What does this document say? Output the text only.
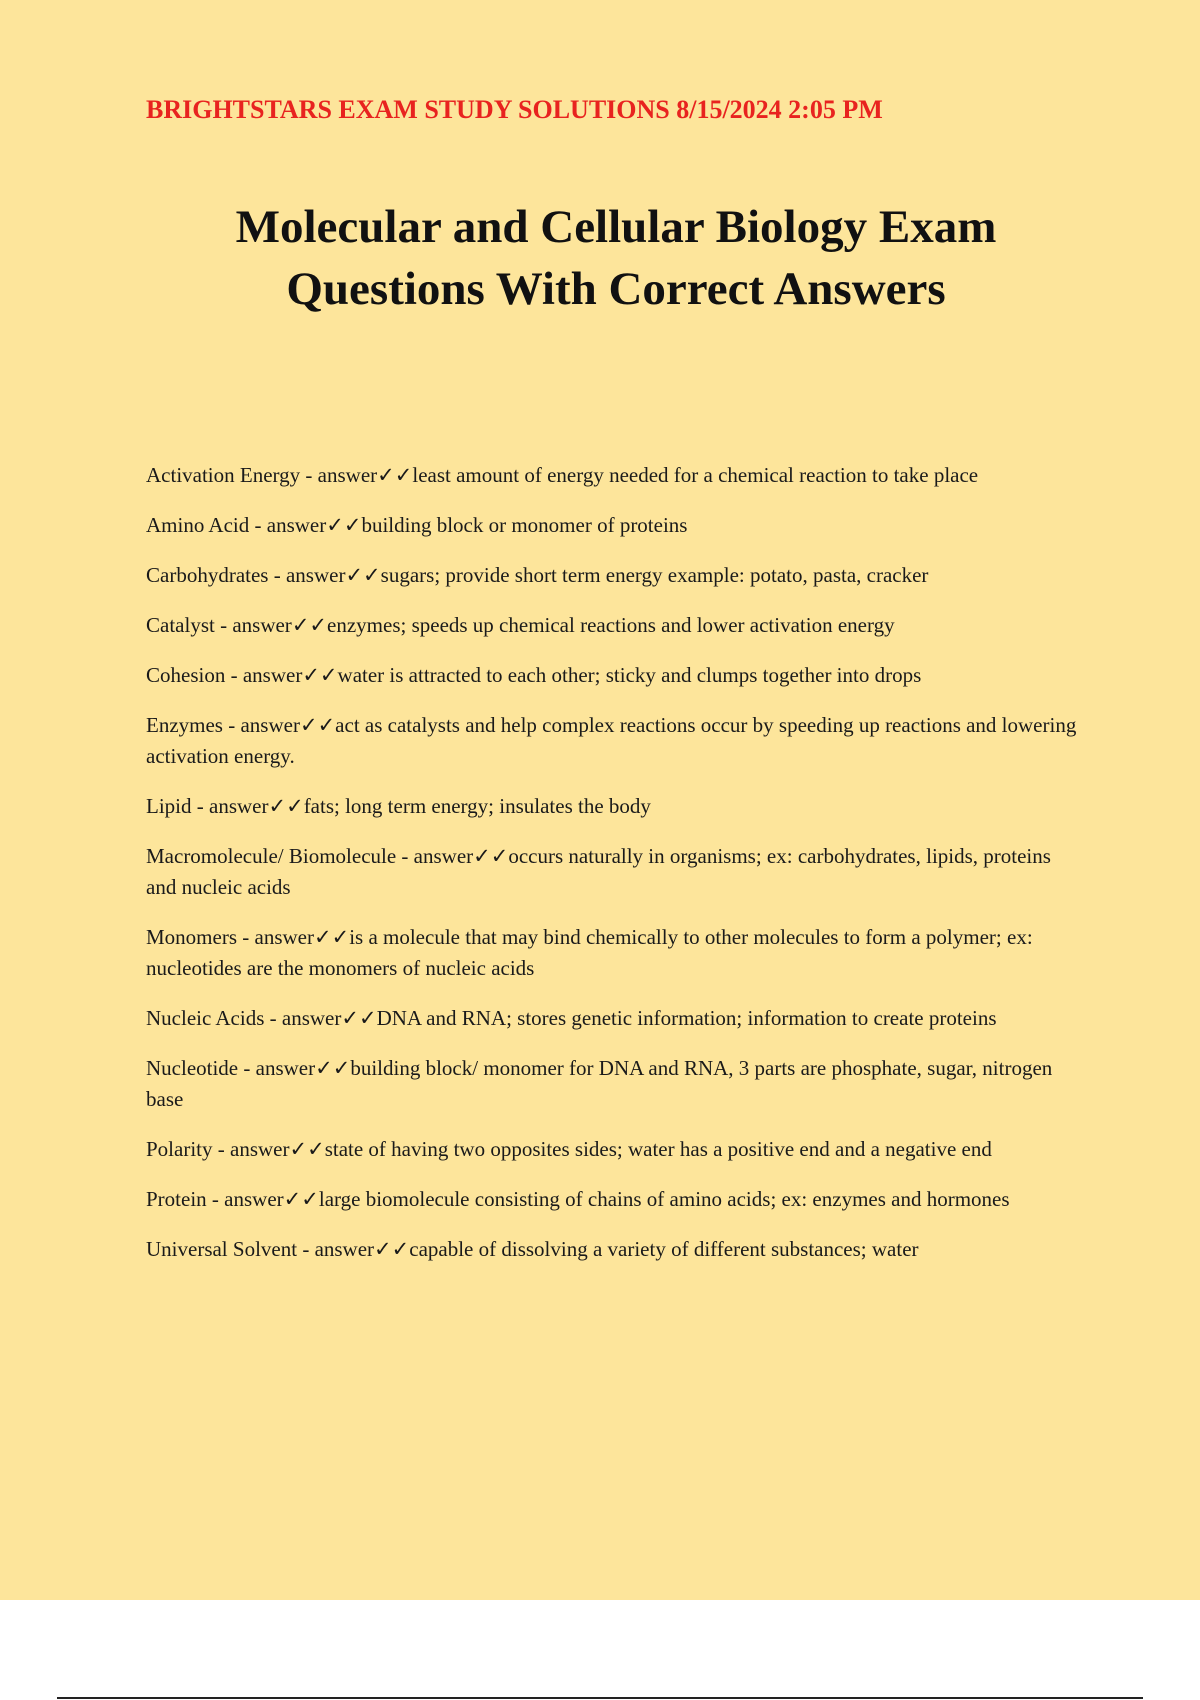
BRIGHTSTARS EXAM STUDY SOLUTIONS 8/15/2024 2:05 PM
Molecular and Cellular Biology Exam
Questions With Correct Answers

Activation Energy - answer✓✓least amount of energy needed for a chemical reaction to take place

Amino Acid - answer✓✓building block or monomer of proteins

Carbohydrates - answer✓✓sugars; provide short term energy example: potato, pasta, cracker

Catalyst - answer✓✓enzymes; speeds up chemical reactions and lower activation energy

Cohesion - answer✓✓water is attracted to each other; sticky and clumps together into drops

Enzymes - answer✓✓act as catalysts and help complex reactions occur by speeding up reactions and lowering activation energy.

Lipid - answer✓✓fats; long term energy; insulates the body

Macromolecule/ Biomolecule - answer✓✓occurs naturally in organisms; ex: carbohydrates, lipids, proteins and nucleic acids

Monomers - answer✓✓is a molecule that may bind chemically to other molecules to form a polymer; ex: nucleotides are the monomers of nucleic acids

Nucleic Acids - answer✓✓DNA and RNA; stores genetic information; information to create proteins

Nucleotide - answer✓✓building block/ monomer for DNA and RNA, 3 parts are phosphate, sugar, nitrogen base

Polarity - answer✓✓state of having two opposites sides; water has a positive end and a negative end

Protein - answer✓✓large biomolecule consisting of chains of amino acids; ex: enzymes and hormones

Universal Solvent - answer✓✓capable of dissolving a variety of different substances; water
